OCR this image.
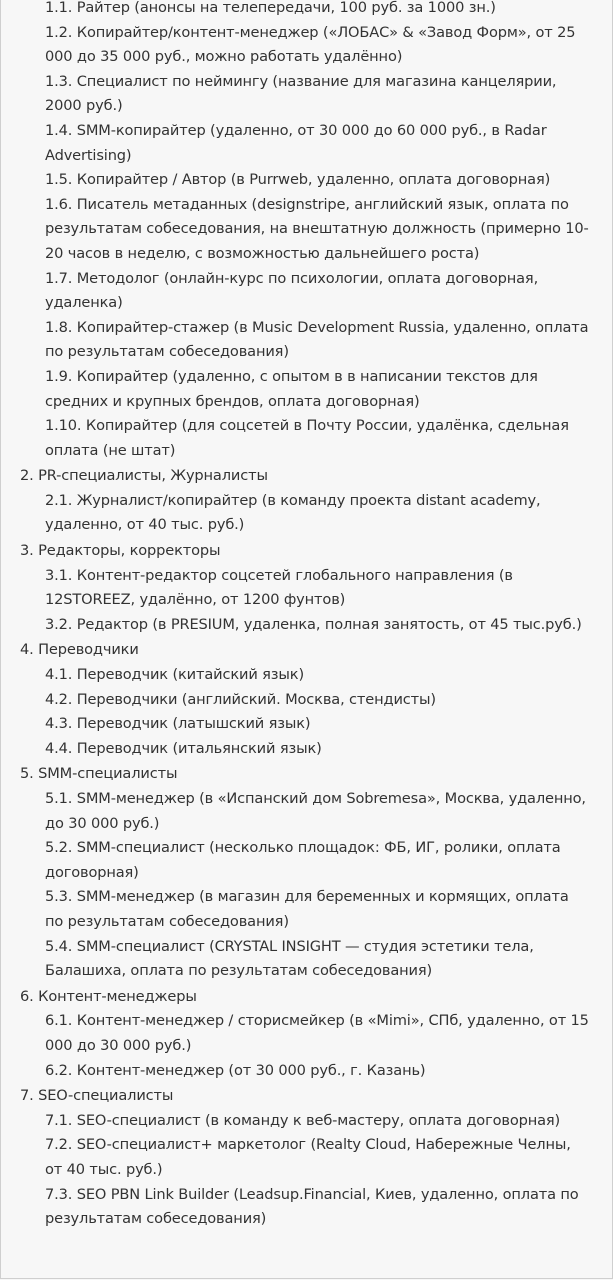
1.1. Райтер (анонсы на телепередачи, 100 руб. за 1000 зн.)
1.2. Копирайтер/контент-менеджер («ЛОБАС» & «Завод Форм», от 25 000 до 35 000 руб., можно работать удалённо)
1.3. Специалист по неймингу (название для магазина канцелярии, 2000 руб.)
1.4. SMM-копирайтер (удаленно, от 30 000 до 60 000 руб., в Radar Advertising)
1.5. Копирайтер / Автор (в Purrweb, удаленно, оплата договорная)
1.6. Писатель метаданных (designstripe, английский язык, оплата по результатам собеседования, на внештатную должность (примерно 10-20 часов в неделю, с возможностью дальнейшего роста)
1.7. Методолог (онлайн-курс по психологии, оплата договорная, удаленка)
1.8. Копирайтер-стажер (в Music Development Russia, удаленно, оплата по результатам собеседования)
1.9. Копирайтер (удаленно, с опытом в в написании текстов для средних и крупных брендов, оплата договорная)
1.10. Копирайтер (для соцсетей в Почту России, удалёнка, сдельная оплата (не штат)
2. PR-специалисты, Журналисты
2.1. Журналист/копирайтер (в команду проекта distant academy, удаленно, от 40 тыс. руб.)
3. Редакторы, корректоры
3.1. Контент-редактор соцсетей глобального направления (в 12STOREEZ, удалённо, от 1200 фунтов)
3.2. Редактор (в PRESIUM, удаленка, полная занятость, от 45 тыс.руб.)
4. Переводчики
4.1. Переводчик (китайский язык)
4.2. Переводчики (английский. Москва, стендисты)
4.3. Переводчик (латышский язык)
4.4. Переводчик (итальянский язык)
5. SMM-специалисты
5.1. SMM-менеджер (в «Испанский дом Sobremesa», Москва, удаленно, до 30 000 руб.)
5.2. SMM-специалист (несколько площадок: ФБ, ИГ, ролики, оплата договорная)
5.3. SMM-менеджер (в магазин для беременных и кормящих, оплата по результатам собеседования)
5.4. SMM-специалист (CRYSTAL INSIGHT — студия эстетики тела, Балашиха, оплата по результатам собеседования)
6. Контент-менеджеры
6.1. Контент-менеджер / сторисмейкер (в «Mimi», СПб, удаленно, от 15 000 до 30 000 руб.)
6.2. Контент-менеджер (от 30 000 руб., г. Казань)
7. SEO-специалисты
7.1. SEO-специалист (в команду к веб-мастеру, оплата договорная)
7.2. SEO-специалист+ маркетолог (Realty Cloud, Набережные Челны, от 40 тыс. руб.)
7.3. SEO PBN Link Builder (Leadsup.Financial, Киев, удаленно, оплата по результатам собеседования)
